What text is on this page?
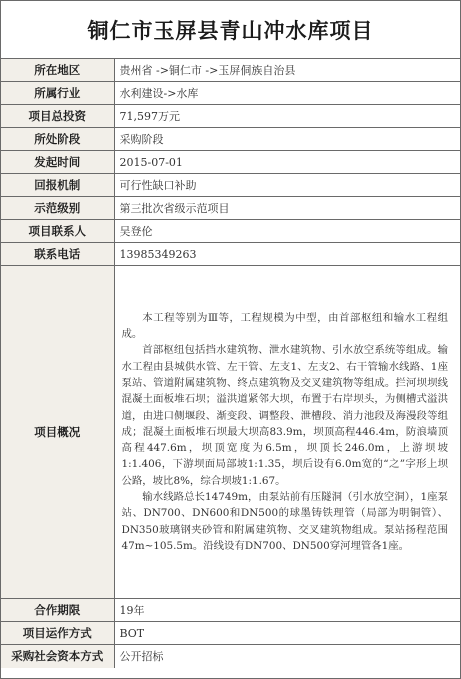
铜仁市玉屏县青山冲水库项目
所在地区	贵州省 ->铜仁市 ->玉屏侗族自治县
所属行业	水利建设->水库
项目总投资	71,597万元
所处阶段	采购阶段
发起时间	2015-07-01
回报机制	可行性缺口补助
示范级别	第三批次省级示范项目
项目联系人	吴登伦
联系电话	13985349263
项目概况	本工程等别为Ⅲ等，工程规模为中型，由首部枢纽和输水工程组成。

首部枢纽包括挡水建筑物、泄水建筑物、引水放空系统等组成。输水工程由县城供水管、左干管、左支1、左支2、右干管输水线路、1座泵站、管道附属建筑物、终点建筑物及交叉建筑物等组成。拦河坝坝线混凝土面板堆石坝；溢洪道紧邻大坝，布置于右岸坝头，为侧槽式溢洪道，由进口侧堰段、渐变段、调整段、泄槽段、消力池段及海漫段等组成；混凝土面板堆石坝最大坝高83.9m，坝顶高程446.4m，防浪墙顶高程447.6m，坝顶宽度为6.5m，坝顶长246.0m，上游坝坡1:1.406，下游坝面局部坡1:1.35，坝后设有6.0m宽的“之”字形上坝公路，坡比8%，综合坝坡1:1.67。

输水线路总长14749m，由泵站前有压隧洞（引水放空洞），1座泵站、DN700、DN600和DN500的球墨铸铁理管（局部为明铜管）、DN350玻璃钢夹砂管和附属建筑物、交叉建筑物组成。泵站扬程范围47m~105.5m。沿线设有DN700、DN500穿河埋管各1座。

合作期限	19年
项目运作方式	BOT
采购社会资本方式	公开招标
